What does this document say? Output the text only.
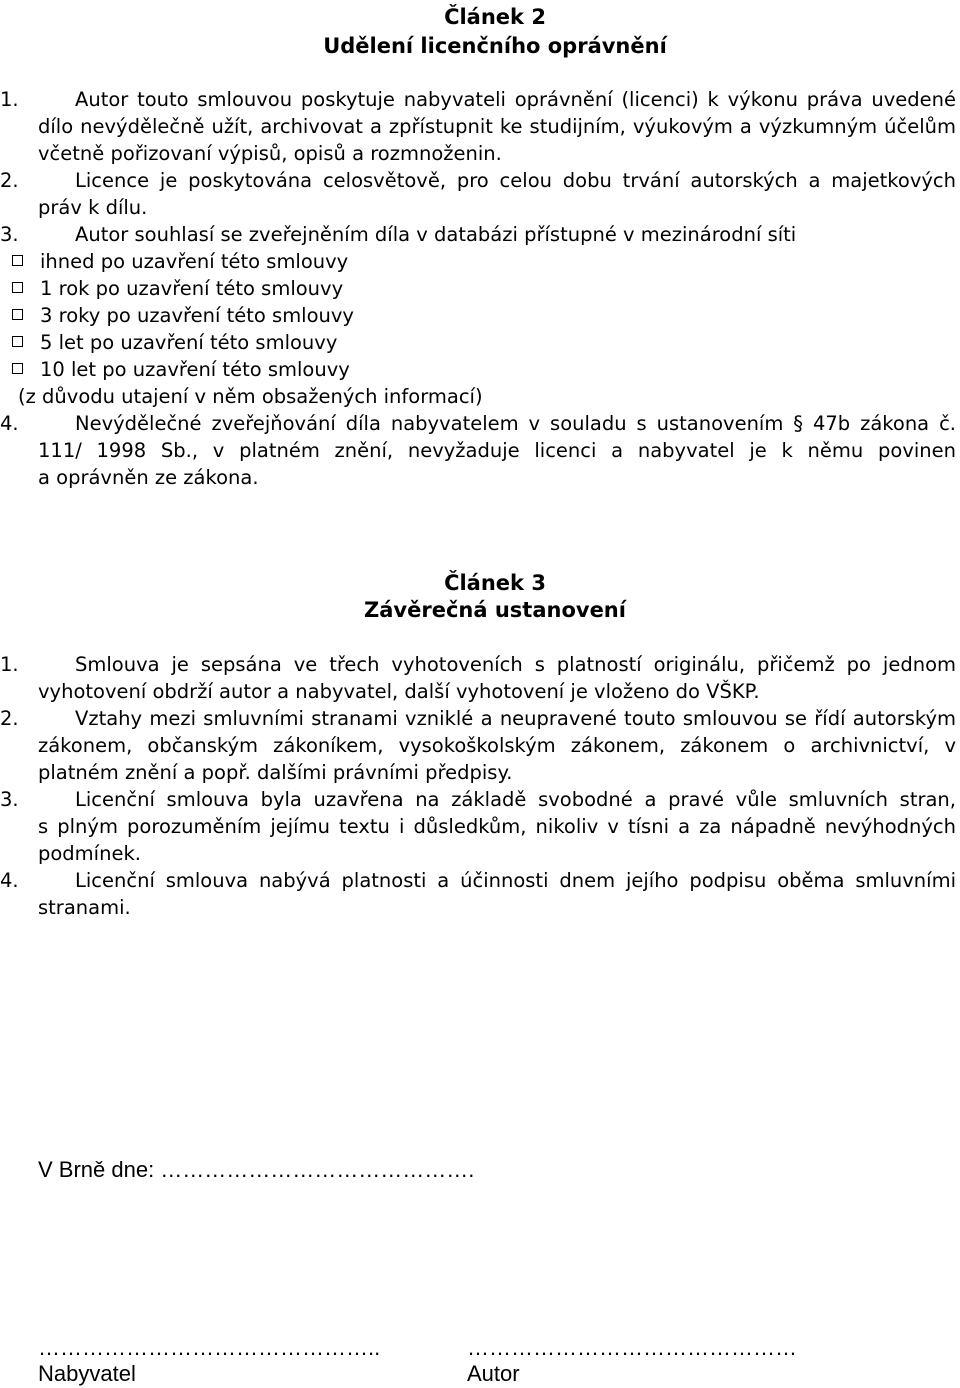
Článek 2
Udělení licenčního oprávnění
1.	Autor touto smlouvou poskytuje nabyvateli oprávnění (licenci) k výkonu práva uvedené
dílo nevýdělečně užít, archivovat a zpřístupnit ke studijním, výukovým a výzkumným účelům
včetně pořizovaní výpisů, opisů a rozmnoženin.
2.	Licence je poskytována celosvětově, pro celou dobu trvání autorských a majetkových
práv k dílu.
3.	Autor souhlasí se zveřejněním díla v databázi přístupné v mezinárodní síti
ihned po uzavření této smlouvy
1 rok po uzavření této smlouvy
3 roky po uzavření této smlouvy
5 let po uzavření této smlouvy
10 let po uzavření této smlouvy
(z důvodu utajení v něm obsažených informací)
4.	Nevýdělečné zveřejňování díla nabyvatelem v souladu s ustanovením § 47b zákona č.
111/ 1998 Sb., v platném znění, nevyžaduje licenci a nabyvatel je k němu povinen
a oprávněn ze zákona.
Článek 3
Závěrečná ustanovení
1.	Smlouva je sepsána ve třech vyhotoveních s platností originálu, přičemž po jednom
vyhotovení obdrží autor a nabyvatel, další vyhotovení je vloženo do VŠKP.
2.	Vztahy mezi smluvními stranami vzniklé a neupravené touto smlouvou se řídí autorským
zákonem, občanským zákoníkem, vysokoškolským zákonem, zákonem o archivnictví, v
platném znění a popř. dalšími právními předpisy.
3.	Licenční smlouva byla uzavřena na základě svobodné a pravé vůle smluvních stran,
s plným porozuměním jejímu textu i důsledkům, nikoliv v tísni a za nápadně nevýhodných
podmínek.
4.	Licenční smlouva nabývá platnosti a účinnosti dnem jejího podpisu oběma smluvními
stranami.
V Brně dne: …………………………………….
………………………………………..
Nabyvatel
………………………………………
Autor
